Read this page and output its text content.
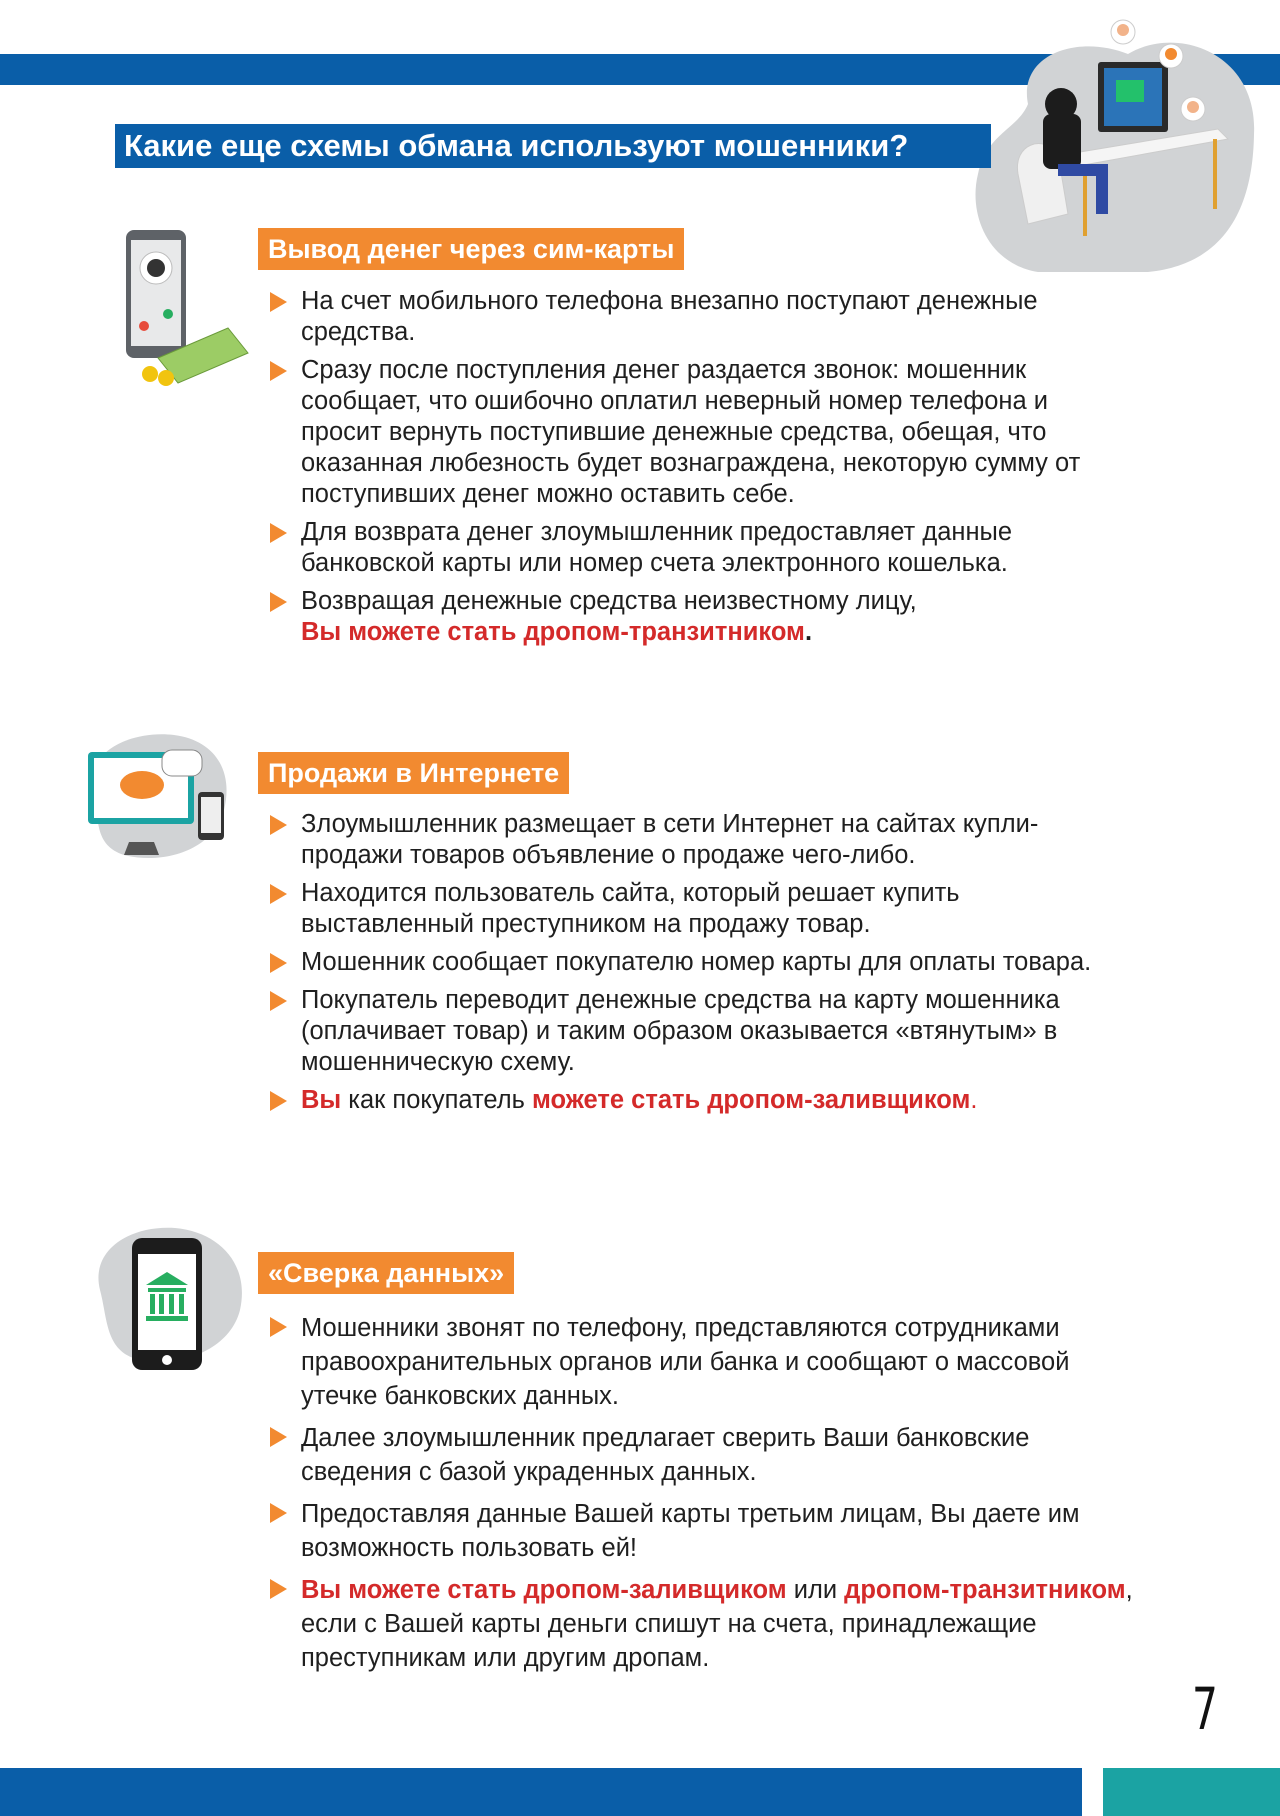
Какие еще схемы обмана используют мошенники?
Вывод денег через сим-карты
На счет мобильного телефона внезапно поступают денежные средства.
Сразу после поступления денег раздается звонок: мошенник сообщает, что ошибочно оплатил неверный номер телефона и просит вернуть поступившие денежные средства, обещая, что оказанная любезность будет вознаграждена, некоторую сумму от поступивших денег можно оставить себе.
Для возврата денег злоумышленник предоставляет данные банковской карты или номер счета электронного кошелька.
Возвращая денежные средства неизвестному лицу,
Вы можете стать дропом-транзитником.
Продажи в Интернете
Злоумышленник размещает в сети Интернет на сайтах купли-продажи товаров объявление о продаже чего-либо.
Находится пользователь сайта, который решает купить выставленный преступником на продажу товар.
Мошенник сообщает покупателю номер карты для оплаты товара.
Покупатель переводит денежные средства на карту мошенника (оплачивает товар) и таким образом оказывается «втянутым» в мошенническую схему.
Вы как покупатель можете стать дропом-заливщиком.
«Сверка данных»
Мошенники звонят по телефону, представляются сотрудниками правоохранительных органов или банка и сообщают о массовой утечке банковских данных.
Далее злоумышленник предлагает сверить Ваши банковские сведения с базой украденных данных.
Предоставляя данные Вашей карты третьим лицам, Вы даете им возможность пользовать ей!
Вы можете стать дропом-заливщиком или дропом-транзитником, если с Вашей карты деньги спишут на счета, принадлежащие преступникам или другим дропам.
7
